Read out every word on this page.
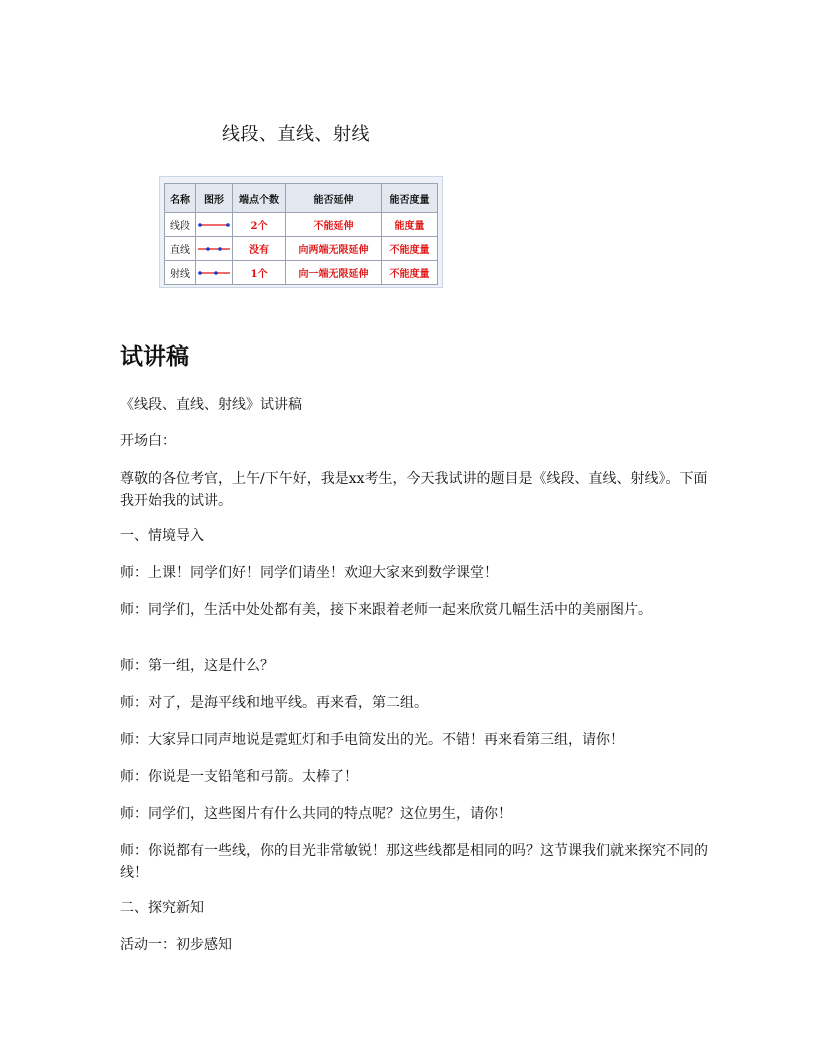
线段、直线、射线
名称	图形	端点个数	能否延伸	能否度量
线段		2个	不能延伸	能度量
直线		没有	向两端无限延伸	不能度量
射线		1个	向一端无限延伸	不能度量
试讲稿
《线段、直线、射线》试讲稿
开场白：
尊敬的各位考官，上午/下午好，我是xx考生，今天我试讲的题目是《线段、直线、射线》。下面我开始我的试讲。
一、情境导入
师：上课！同学们好！同学们请坐！欢迎大家来到数学课堂！
师：同学们，生活中处处都有美，接下来跟着老师一起来欣赏几幅生活中的美丽图片。
师：第一组，这是什么？
师：对了，是海平线和地平线。再来看，第二组。
师：大家异口同声地说是霓虹灯和手电筒发出的光。不错！再来看第三组，请你！
师：你说是一支铅笔和弓箭。太棒了！
师：同学们，这些图片有什么共同的特点呢？这位男生，请你！
师：你说都有一些线，你的目光非常敏锐！那这些线都是相同的吗？这节课我们就来探究不同的线！
二、探究新知
活动一：初步感知
